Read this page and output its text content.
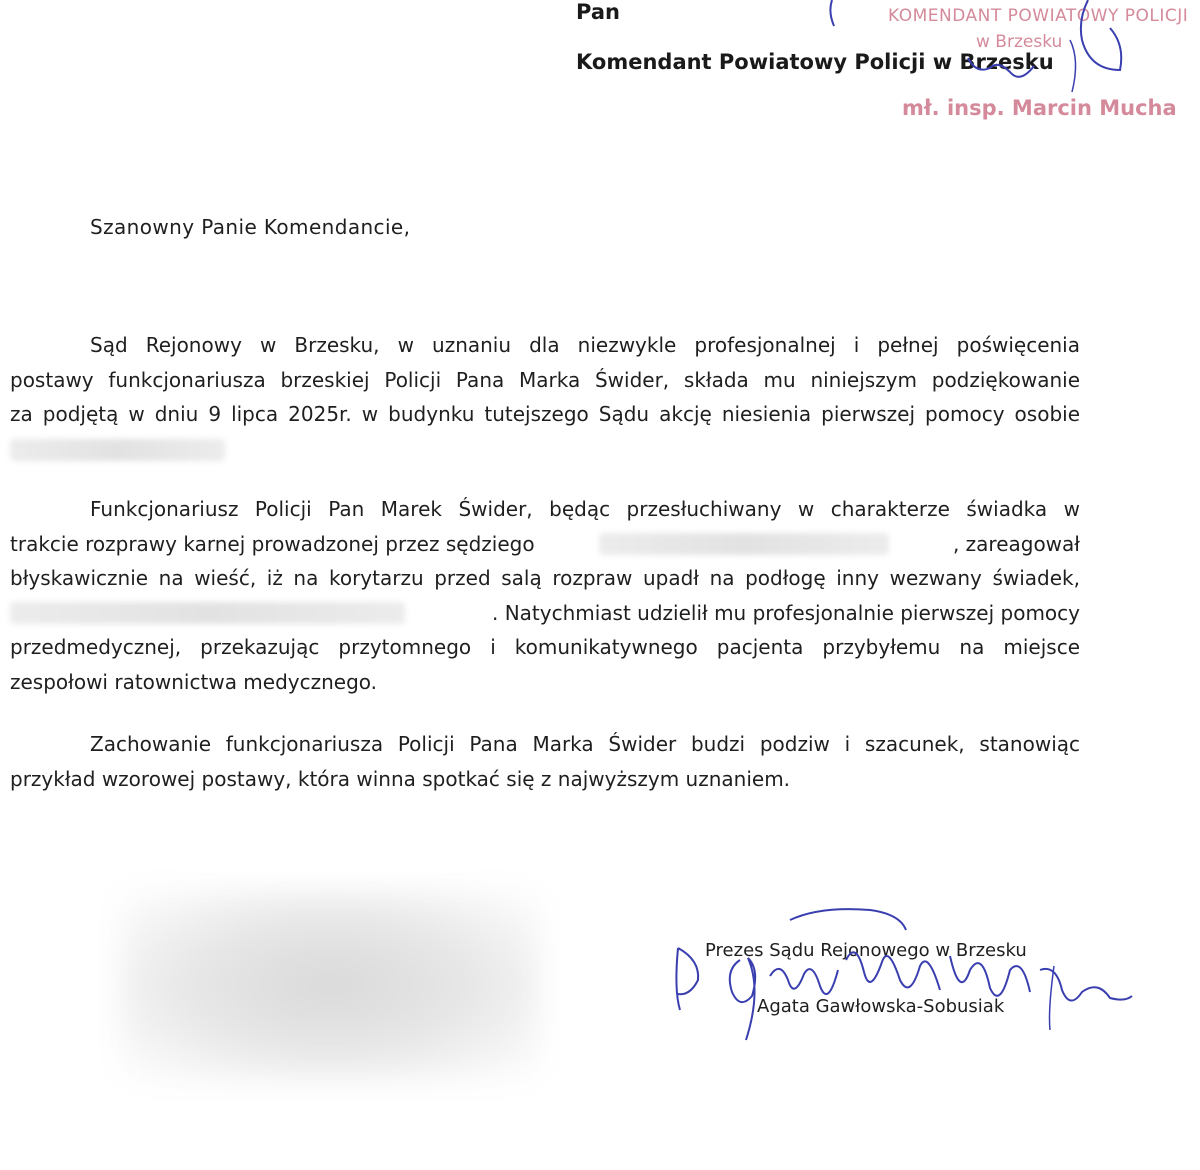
Pan
Komendant Powiatowy Policji w Brzesku
KOMENDANT POWIATOWY POLICJI
w Brzesku
mł. insp. Marcin Mucha
Szanowny Panie Komendancie,
Sąd Rejonowy w Brzesku, w uznaniu dla niezwykle profesjonalnej i pełnej poświęcenia
postawy funkcjonariusza brzeskiej Policji Pana Marka Świder, składa mu niniejszym podziękowanie
za podjętą w dniu 9 lipca 2025r. w budynku tutejszego Sądu akcję niesienia pierwszej pomocy osobie
Funkcjonariusz Policji Pan Marek Świder, będąc przesłuchiwany w charakterze świadka w
trakcie rozprawy karnej prowadzonej przez sędziego	, zareagował
błyskawicznie na wieść, iż na korytarzu przed salą rozpraw upadł na podłogę inny wezwany świadek,
. Natychmiast udzielił mu profesjonalnie pierwszej pomocy
przedmedycznej, przekazując przytomnego i komunikatywnego pacjenta przybyłemu na miejsce
zespołowi ratownictwa medycznego.
Zachowanie funkcjonariusza Policji Pana Marka Świder budzi podziw i szacunek, stanowiąc
przykład wzorowej postawy, która winna spotkać się z najwyższym uznaniem.
Prezes Sądu Rejonowego w Brzesku
Agata Gawłowska-Sobusiak
